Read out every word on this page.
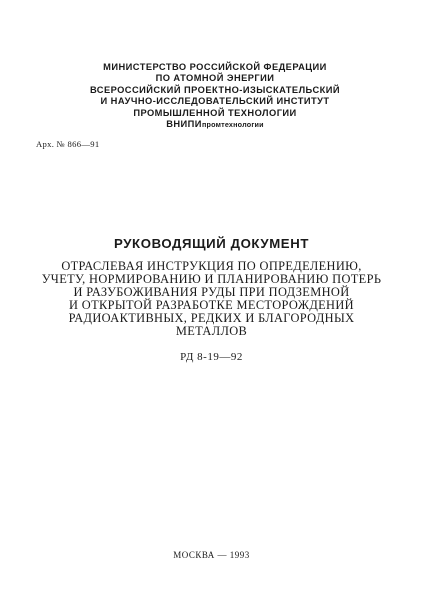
МИНИСТЕРСТВО РОССИЙСКОЙ ФЕДЕРАЦИИ
ПО АТОМНОЙ ЭНЕРГИИ
ВСЕРОССИЙСКИЙ ПРОЕКТНО-ИЗЫСКАТЕЛЬСКИЙ
И НАУЧНО-ИССЛЕДОВАТЕЛЬСКИЙ ИНСТИТУТ
ПРОМЫШЛЕННОЙ ТЕХНОЛОГИИ
ВНИПИпромтехнологии
Арх. № 866—91
РУКОВОДЯЩИЙ ДОКУМЕНТ
ОТРАСЛЕВАЯ ИНСТРУКЦИЯ ПО ОПРЕДЕЛЕНИЮ,
УЧЕТУ, НОРМИРОВАНИЮ И ПЛАНИРОВАНИЮ ПОТЕРЬ
И РАЗУБОЖИВАНИЯ РУДЫ ПРИ ПОДЗЕМНОЙ
И ОТКРЫТОЙ РАЗРАБОТКЕ МЕСТОРОЖДЕНИЙ
РАДИОАКТИВНЫХ, РЕДКИХ И БЛАГОРОДНЫХ
МЕТАЛЛОВ
РД 8-19—92
МОСКВА — 1993
